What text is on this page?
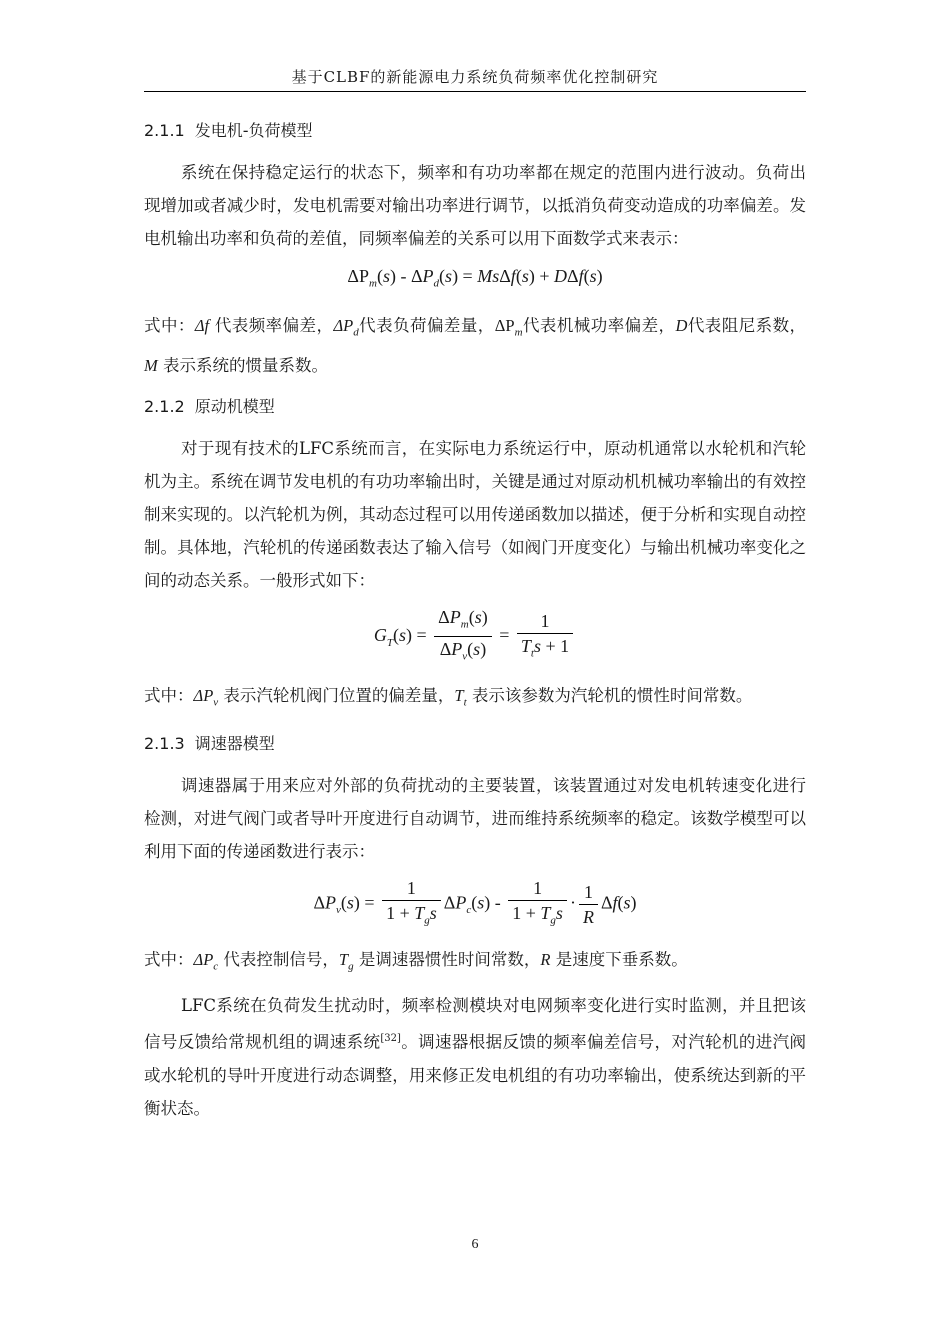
基于CLBF的新能源电力系统负荷频率优化控制研究
2.1.1 发电机-负荷模型

系统在保持稳定运行的状态下，频率和有功功率都在规定的范围内进行波动。负荷出现增加或者减少时，发电机需要对输出功率进行调节，以抵消负荷变动造成的功率偏差。发电机输出功率和负荷的差值，同频率偏差的关系可以用下面数学式来表示：

$\Delta P_m(s) - \Delta P_d(s) = Ms\Delta f(s) + D\Delta f(s)$

式中：Δf 代表频率偏差，$\Delta P_d$代表负荷偏差量，$\Delta P_m$代表机械功率偏差，D代表阻尼系数，M 表示系统的惯量系数。

2.1.2 原动机模型

对于现有技术的LFC系统而言，在实际电力系统运行中，原动机通常以水轮机和汽轮机为主。系统在调节发电机的有功功率输出时，关键是通过对原动机机械功率输出的有效控制来实现的。以汽轮机为例，其动态过程可以用传递函数加以描述，便于分析和实现自动控制。具体地，汽轮机的传递函数表达了输入信号（如阀门开度变化）与输出机械功率变化之间的动态关系。一般形式如下：

$G_T(s) = \frac{\Delta P_m(s)}{\Delta P_v(s)} = \frac{1}{T_ts + 1}$

式中：$\Delta P_v$ 表示汽轮机阀门位置的偏差量，$T_t$ 表示该参数为汽轮机的惯性时间常数。

2.1.3 调速器模型

调速器属于用来应对外部的负荷扰动的主要装置，该装置通过对发电机转速变化进行检测，对进气阀门或者导叶开度进行自动调节，进而维持系统频率的稳定。该数学模型可以利用下面的传递函数进行表示：

$\Delta P_v(s) = \frac{1}{1 + T_gs} \Delta P_c(s) - \frac{1}{1 + T_gs} \cdot \frac{1}{R} \Delta f(s)$

式中：$\Delta P_c$ 代表控制信号，$T_g$ 是调速器惯性时间常数，R 是速度下垂系数。

LFC系统在负荷发生扰动时，频率检测模块对电网频率变化进行实时监测，并且把该信号反馈给常规机组的调速系统[32]。调速器根据反馈的频率偏差信号，对汽轮机的进汽阀或水轮机的导叶开度进行动态调整，用来修正发电机组的有功功率输出，使系统达到新的平衡状态。

6
